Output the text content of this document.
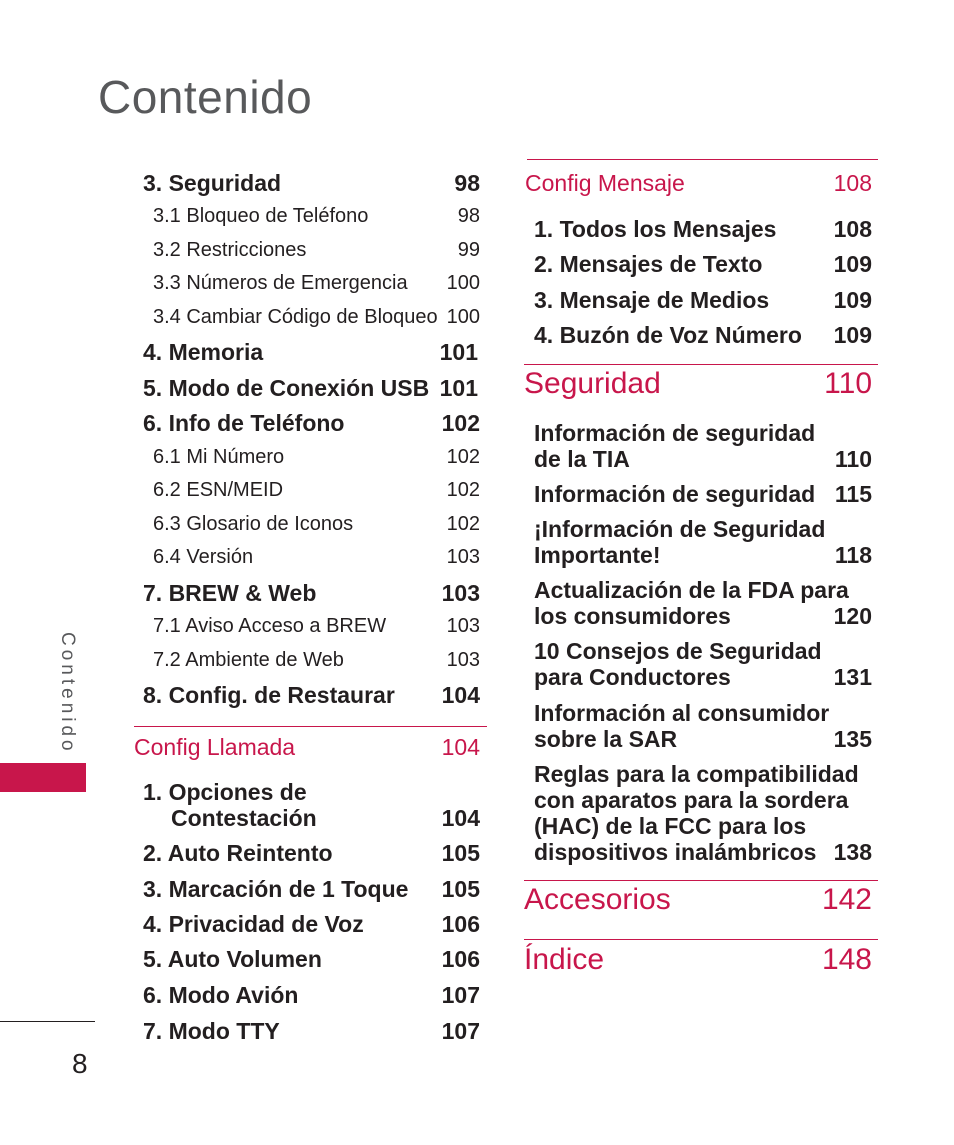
Contenido
3. Seguridad	98
3.1 Bloqueo de Teléfono	98
3.2 Restricciones	99
3.3 Números de Emergencia 100
3.4 Cambiar Código de Bloqueo 100
4. Memoria	101
5. Modo de Conexión USB 101
6. Info de Teléfono	102
6.1 Mi Número	102
6.2 ESN/MEID	102
6.3 Glosario de Iconos	102
6.4 Versión	103
7. BREW & Web	103
7.1 Aviso Acceso a BREW	103
7.2 Ambiente de Web	103
8. Config. de Restaurar 104
Config Llamada	104
1. Opciones de
Contestación	104
2. Auto Reintento	105
3. Marcación de 1 Toque 105
4. Privacidad de Voz	106
5. Auto Volumen	106
6. Modo Avión	107
7. Modo TTY	107
Config Mensaje	108
1. Todos los Mensajes 108
2. Mensajes de Texto	109
3. Mensaje de Medios	109
4. Buzón de Voz Número 109
Seguridad	110
Información de seguridad
de la TIA	110
Información de seguridad 115
¡Información de Seguridad
Importante!	118
Actualización de la FDA para
los consumidores	120
10 Consejos de Seguridad
para Conductores	131
Información al consumidor
sobre la SAR	135
Reglas para la compatibilidad
con aparatos para la sordera
(HAC) de la FCC para los
dispositivos inalámbricos 138
Accesorios	142
Índice	148
Contenido
8
